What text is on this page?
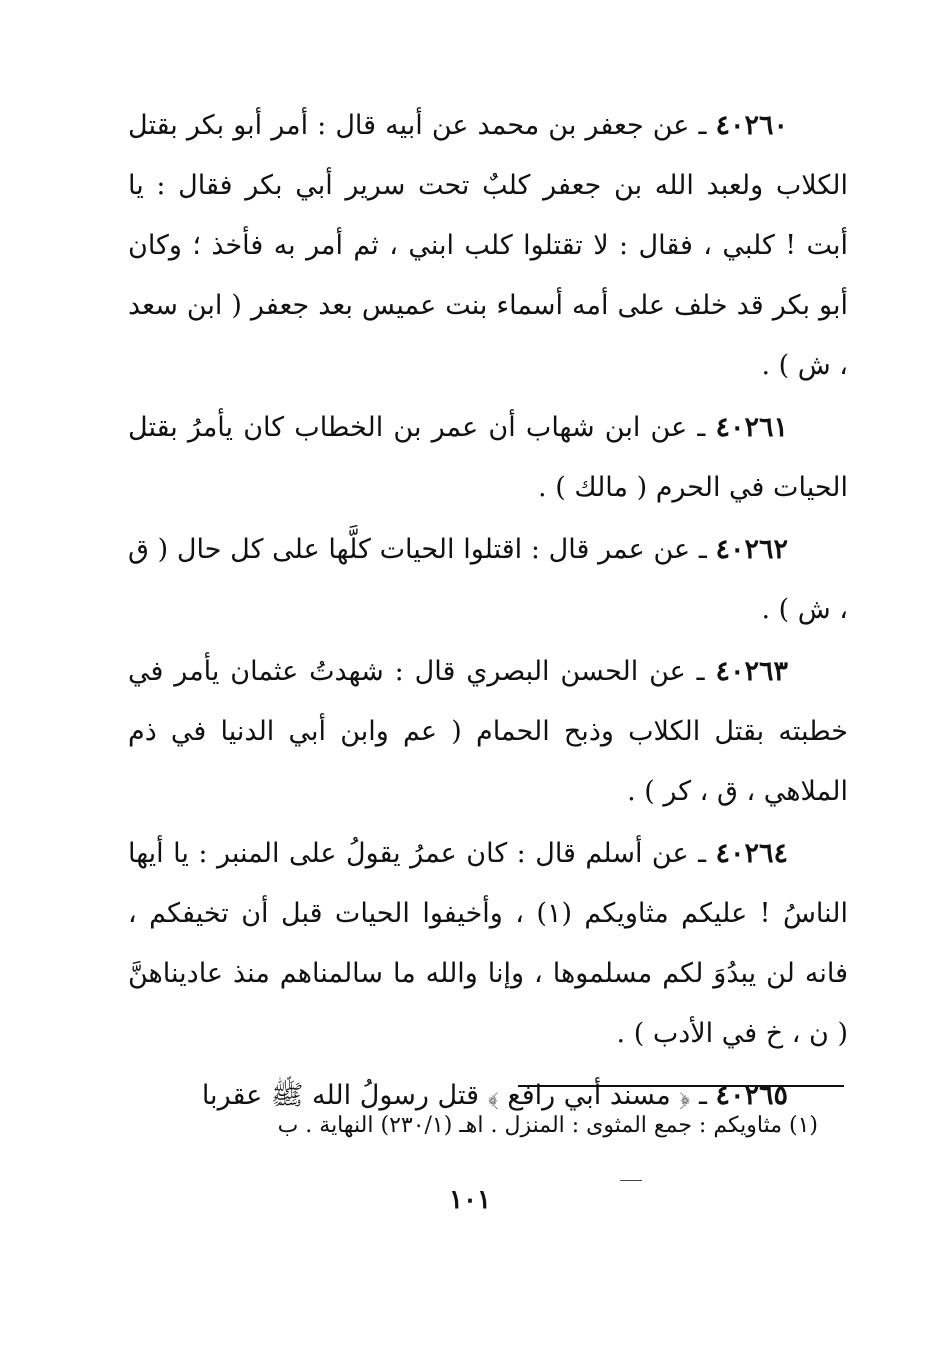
٤٠٢٦٠ ـ عن جعفر بن محمد عن أبيه قال : أمر أبو بكر بقتل الكلاب ولعبد الله بن جعفر كلبٌ تحت سرير أبي بكر فقال : يا أبت ! كلبي ، فقال : لا تقتلوا كلب ابني ، ثم أمر به فأخذ ؛ وكان أبو بكر قد خلف على أمه أسماء بنت عميس بعد جعفر ( ابن سعد ، ش ) .

٤٠٢٦١ ـ عن ابن شهاب أن عمر بن الخطاب كان يأمرُ بقتل الحيات في الحرم ( مالك ) .

٤٠٢٦٢ ـ عن عمر قال : اقتلوا الحيات كلَّها على كل حال ( ق ، ش ) .

٤٠٢٦٣ ـ عن الحسن البصري قال : شهدتُ عثمان يأمر في خطبته بقتل الكلاب وذبح الحمام ( عم وابن أبي الدنيا في ذم الملاهي ، ق ، كر ) .

٤٠٢٦٤ ـ عن أسلم قال : كان عمرُ يقولُ على المنبر : يا أيها الناسُ ! عليكم مثاويكم (١) ، وأخيفوا الحيات قبل أن تخيفكم ، فانه لن يبدُوَ لكم مسلموها ، وإنا والله ما سالمناهم منذ عاديناهنَّ ( ن ، خ في الأدب ) .

٤٠٢٦٥ ـ ﴿ مسند أبي رافع ﴾ قتل رسولُ الله ﷺ عقربا

(١) مثاويكم : جمع المثوى : المنزل . اهـ (٢٣٠/١) النهاية . ب
١٠١
